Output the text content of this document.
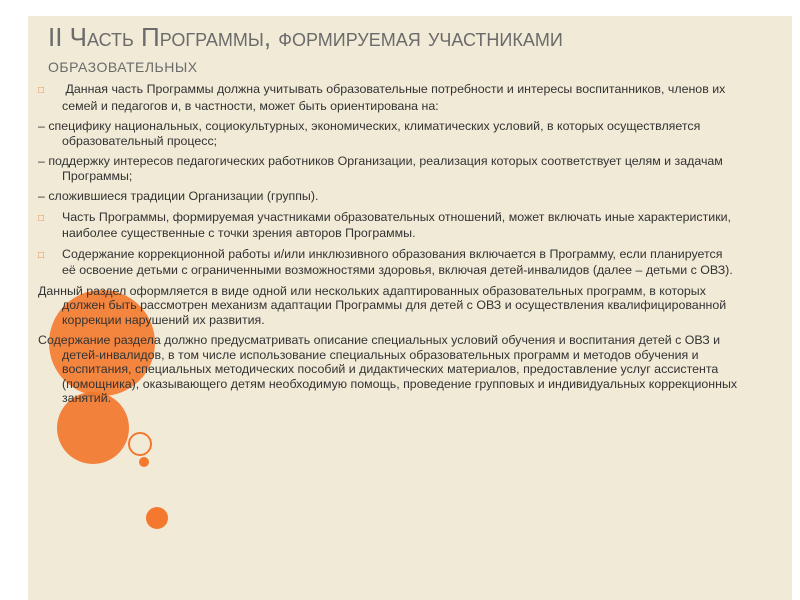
II Часть Программы, формируемая участниками
образовательных

□ Данная часть Программы должна учитывать образовательные потребности и интересы воспитанников, членов их семей и педагогов и, в частности, может быть ориентирована на:

– специфику национальных, социокультурных, экономических, климатических условий, в которых осуществляется образовательный процесс;

– поддержку интересов педагогических работников Организации, реализация которых соответствует целям и задачам Программы;

– сложившиеся традиции Организации (группы).

□ Часть Программы, формируемая участниками образовательных отношений, может включать иные характеристики, наиболее существенные с точки зрения авторов Программы.

□ Содержание коррекционной работы и/или инклюзивного образования включается в Программу, если планируется её освоение детьми с ограниченными возможностями здоровья, включая детей-инвалидов (далее – детьми с ОВЗ).

Данный раздел оформляется в виде одной или нескольких адаптированных образовательных программ, в которых должен быть рассмотрен механизм адаптации Программы для детей с ОВЗ и осуществления квалифицированной коррекции нарушений их развития.

Содержание раздела должно предусматривать описание специальных условий обучения и воспитания детей с ОВЗ и детей-инвалидов, в том числе использование специальных образовательных программ и методов обучения и воспитания, специальных методических пособий и дидактических материалов, предоставление услуг ассистента (помощника), оказывающего детям необходимую помощь, проведение групповых и индивидуальных коррекционных занятий.
